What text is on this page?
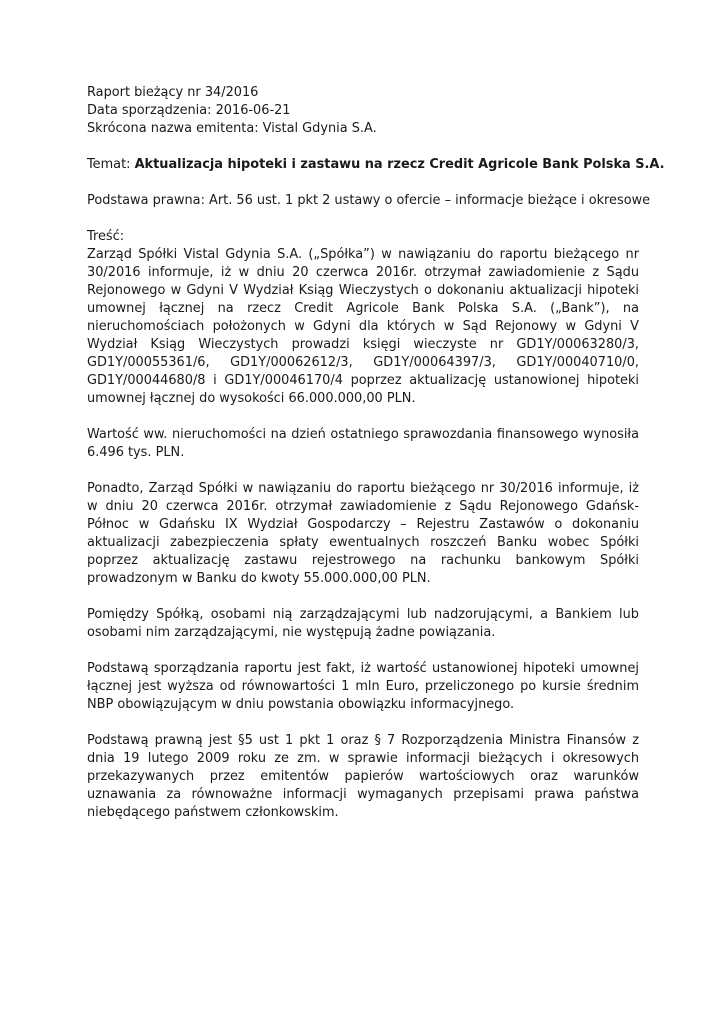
Raport bieżący nr 34/2016
Data sporządzenia: 2016-06-21
Skrócona nazwa emitenta: Vistal Gdynia S.A.
Temat: Aktualizacja hipoteki i zastawu na rzecz Credit Agricole Bank Polska S.A.
Podstawa prawna: Art. 56 ust. 1 pkt 2 ustawy o ofercie – informacje bieżące i okresowe
Treść:

Zarząd Spółki Vistal Gdynia S.A. („Spółka”) w nawiązaniu do raportu bieżącego nr 30/2016 informuje, iż w dniu 20 czerwca 2016r. otrzymał zawiadomienie z Sądu Rejonowego w Gdyni V Wydział Ksiąg Wieczystych o dokonaniu aktualizacji hipoteki umownej łącznej na rzecz Credit Agricole Bank Polska S.A. („Bank”), na nieruchomościach położonych w Gdyni dla których w Sąd Rejonowy w Gdyni V Wydział Ksiąg Wieczystych prowadzi księgi wieczyste nr GD1Y/00063280/3, GD1Y/00055361/6, GD1Y/00062612/3, GD1Y/00064397/3, GD1Y/00040710/0, GD1Y/00044680/8 i GD1Y/00046170/4 poprzez aktualizację ustanowionej hipoteki umownej łącznej do wysokości 66.000.000,00 PLN.

Wartość ww. nieruchomości na dzień ostatniego sprawozdania finansowego wynosiła 6.496 tys. PLN.

Ponadto, Zarząd Spółki w nawiązaniu do raportu bieżącego nr 30/2016 informuje, iż w dniu 20 czerwca 2016r. otrzymał zawiadomienie z Sądu Rejonowego Gdańsk-Północ w Gdańsku IX Wydział Gospodarczy – Rejestru Zastawów o dokonaniu aktualizacji zabezpieczenia spłaty ewentualnych roszczeń Banku wobec Spółki poprzez aktualizację zastawu rejestrowego na rachunku bankowym Spółki prowadzonym w Banku do kwoty 55.000.000,00 PLN.

Pomiędzy Spółką, osobami nią zarządzającymi lub nadzorującymi, a Bankiem lub osobami nim zarządzającymi, nie występują żadne powiązania.

Podstawą sporządzania raportu jest fakt, iż wartość ustanowionej hipoteki umownej łącznej jest wyższa od równowartości 1 mln Euro, przeliczonego po kursie średnim NBP obowiązującym w dniu powstania obowiązku informacyjnego.

Podstawą prawną jest §5 ust 1 pkt 1 oraz § 7 Rozporządzenia Ministra Finansów z dnia 19 lutego 2009 roku ze zm. w sprawie informacji bieżących i okresowych przekazywanych przez emitentów papierów wartościowych oraz warunków uznawania za równoważne informacji wymaganych przepisami prawa państwa niebędącego państwem członkowskim.
